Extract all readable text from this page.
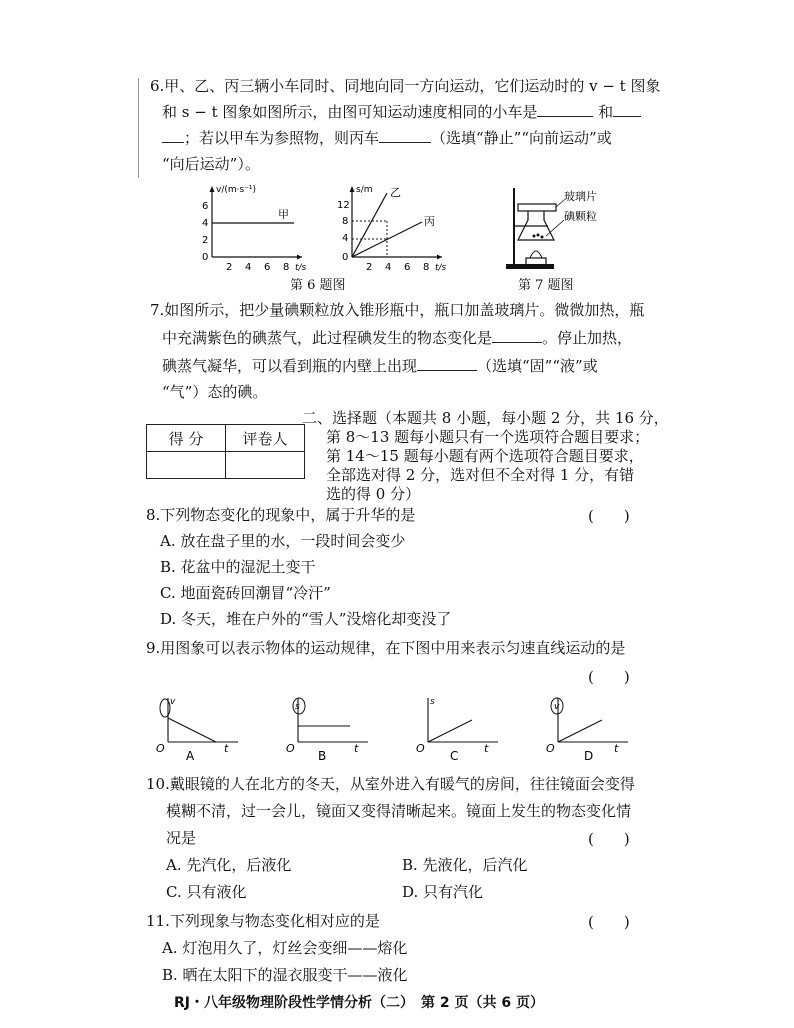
6.甲、乙、丙三辆小车同时、同地向同一方向运动，它们运动时的 v − t 图象
和 s − t 图象如图所示，由图可知运动速度相同的小车是	和
；若以甲车为参照物，则丙车	（选填“静止”“向前运动”或
“向后运动”）。
v/(m·s⁻¹)
t/s
6
4
2
0
2 4 6 8
甲
s/m
t/s
12
8
4
0
2 4 6 8
乙
丙
第 6 题图
玻璃片
碘颗粒
第 7 题图
7.如图所示，把少量碘颗粒放入锥形瓶中，瓶口加盖玻璃片。微微加热，瓶
中充满紫色的碘蒸气，此过程碘发生的物态变化是	。停止加热，
碘蒸气凝华，可以看到瓶的内壁上出现	（选填“固”“液”或
“气”）态的碘。
得 分	评卷人

二、选择题（本题共 8 小题，每小题 2 分，共 16 分，
第 8～13 题每小题只有一个选项符合题目要求；
第 14～15 题每小题有两个选项符合题目要求，
全部选对得 2 分，选对但不全对得 1 分，有错
选的得 0 分）
8.下列物态变化的现象中，属于升华的是	(　　)
A. 放在盘子里的水，一段时间会变少
B. 花盆中的湿泥土变干
C. 地面瓷砖回潮冒“冷汗”
D. 冬天，堆在户外的“雪人”没熔化却变没了
9.用图象可以表示物体的运动规律，在下图中用来表示匀速直线运动的是
(　　)
v
O	t
A
s
O	t
B
s
O	t
C
v
O	t
D
10.戴眼镜的人在北方的冬天，从室外进入有暖气的房间，往往镜面会变得
模糊不清，过一会儿，镜面又变得清晰起来。镜面上发生的物态变化情
况是	(　　)
A. 先汽化，后液化	B. 先液化，后汽化
C. 只有液化	D. 只有汽化
11.下列现象与物态变化相对应的是	(　　)
A. 灯泡用久了，灯丝会变细——熔化
B. 晒在太阳下的湿衣服变干——液化
RJ・八年级物理阶段性学情分析（二）　第 2 页（共 6 页）
